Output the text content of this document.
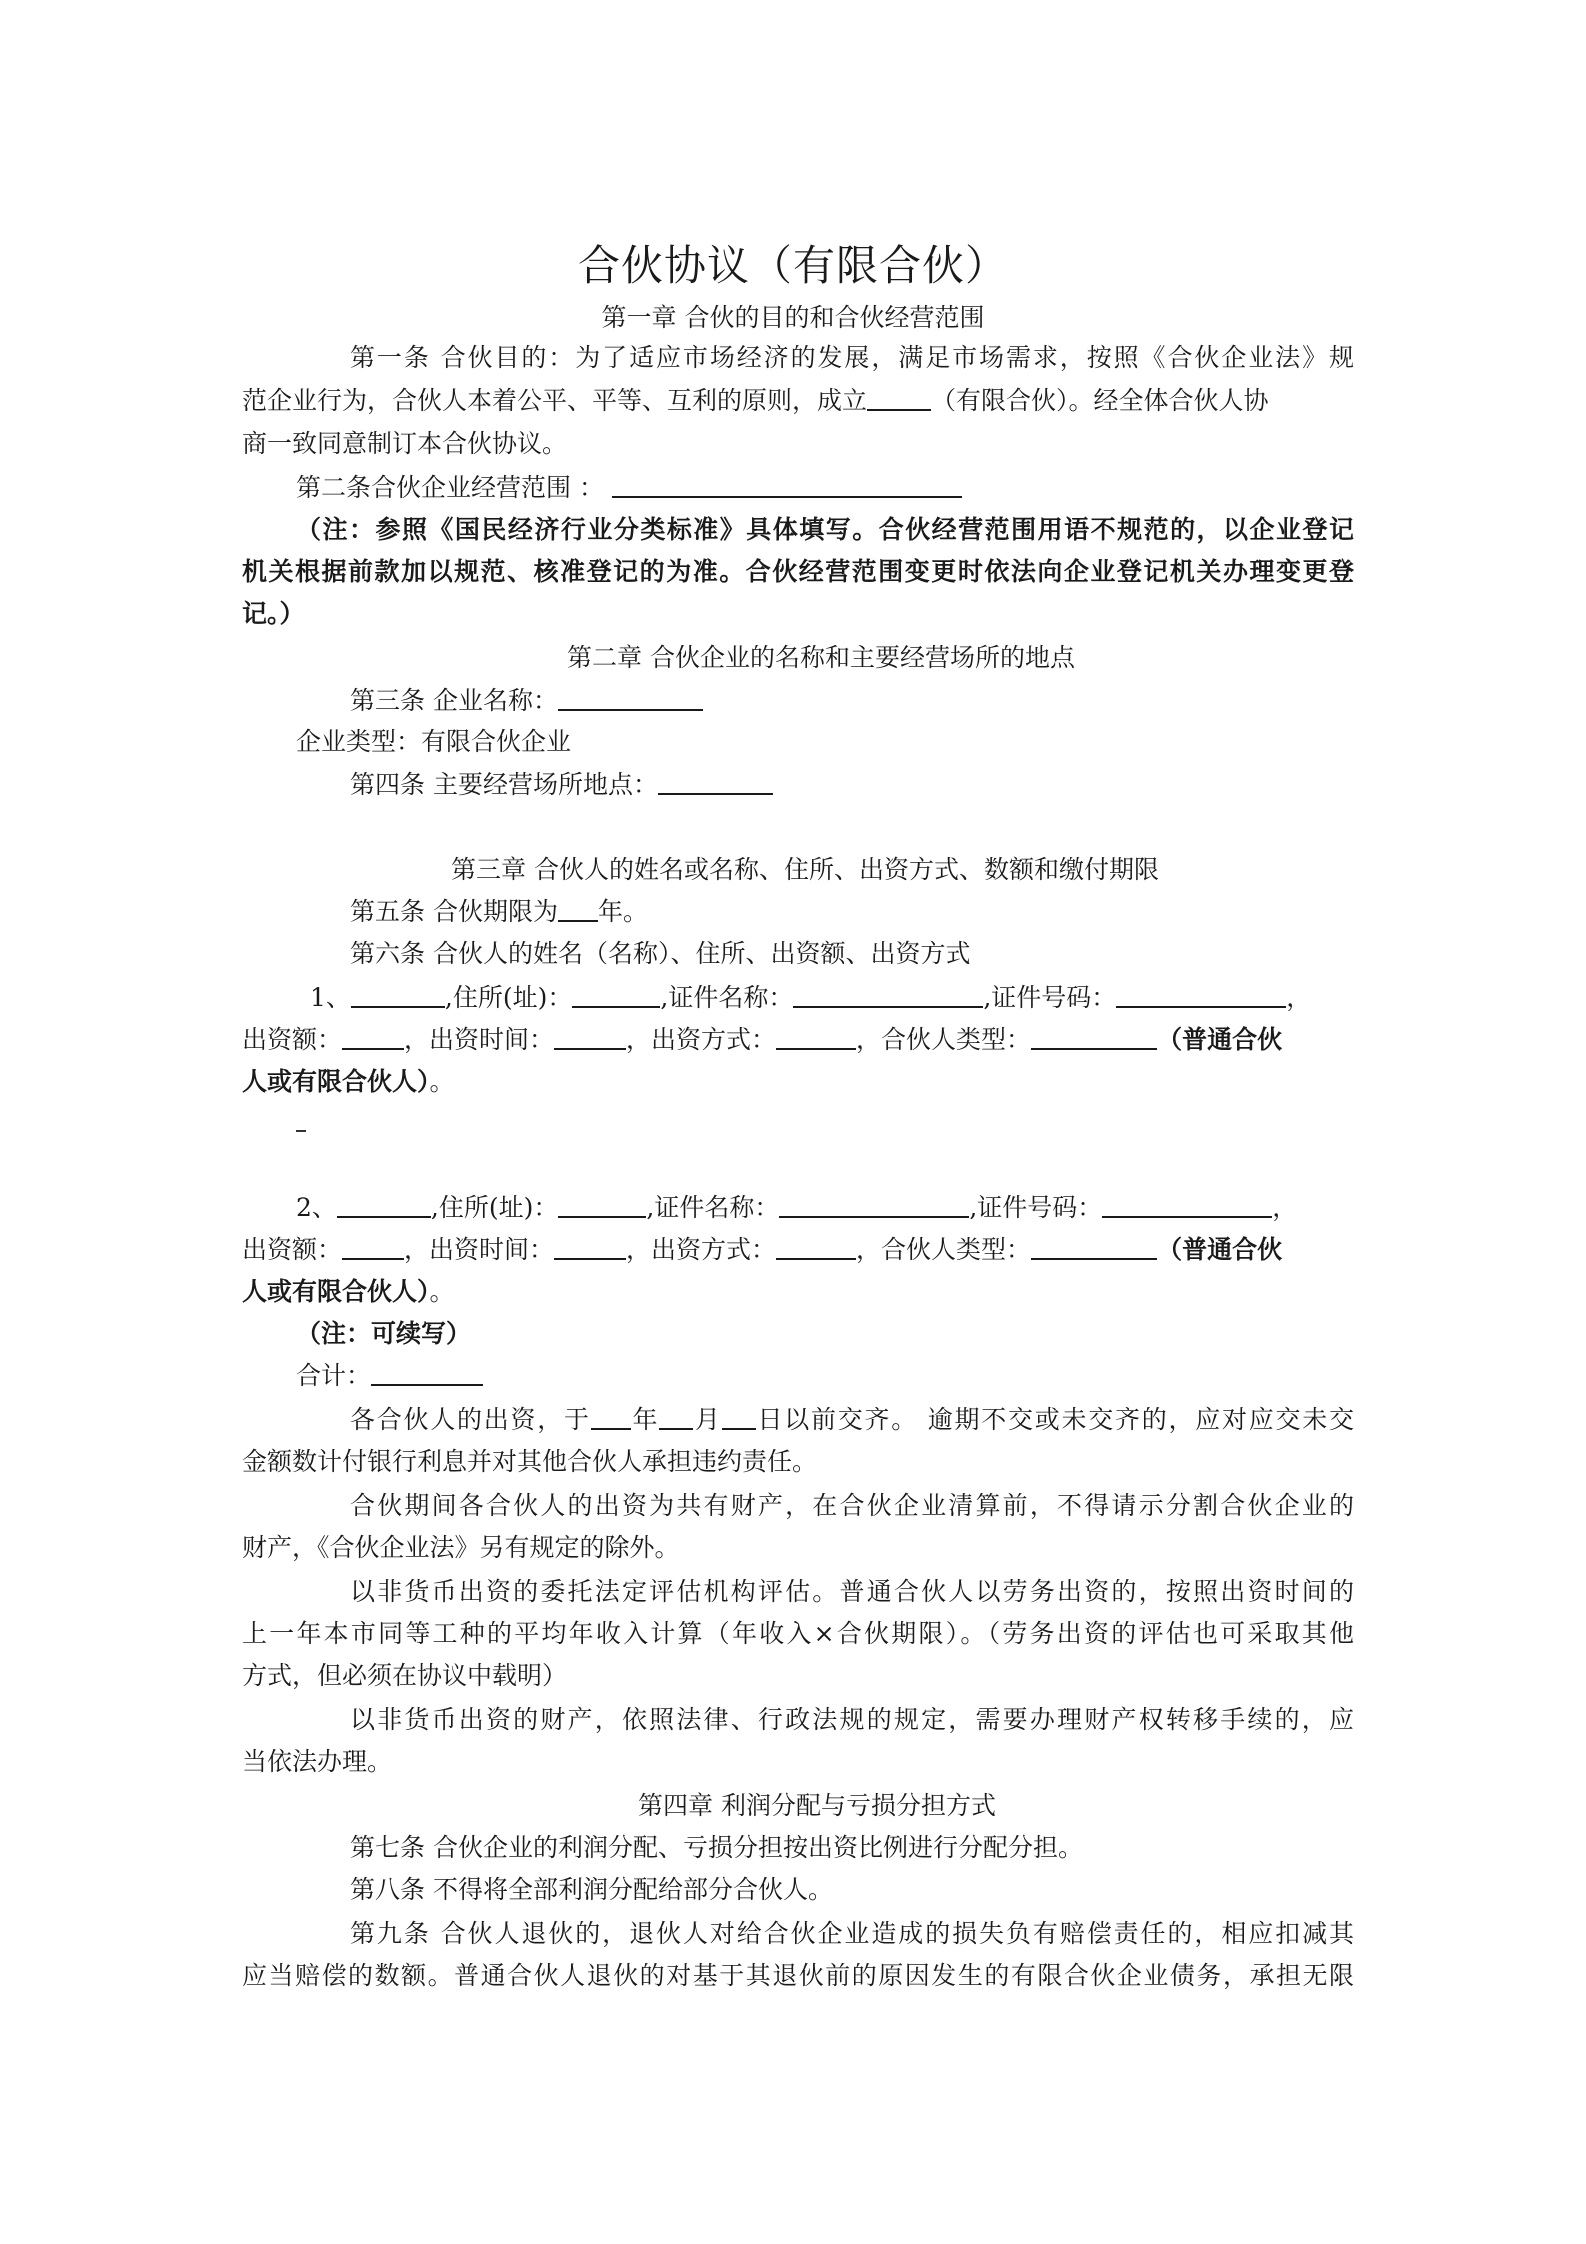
合伙协议（有限合伙）
第一章 合伙的目的和合伙经营范围
第一条 合伙目的：为了适应市场经济的发展，满足市场需求，按照《合伙企业法》规
范企业行为，合伙人本着公平、平等、互利的原则，成立	（有限合伙）。经全体合伙人协
商一致同意制订本合伙协议。
第二条合伙企业经营范围 ：
（注：参照《国民经济行业分类标准》具体填写。合伙经营范围用语不规范的，以企业登记
机关根据前款加以规范、核准登记的为准。合伙经营范围变更时依法向企业登记机关办理变更登
记。）
第二章 合伙企业的名称和主要经营场所的地点
第三条 企业名称：
企业类型：有限合伙企业
第四条 主要经营场所地点：
第三章 合伙人的姓名或名称、住所、出资方式、数额和缴付期限
第五条 合伙期限为 年。
第六条 合伙人的姓名（名称）、住所、出资额、出资方式
1、	,住所(址)：	,证件名称：	,证件号码：	，
出资额： ，出资时间：	，出资方式：	，合伙人类型：	（普通合伙
人或有限合伙人）。
2、	,住所(址)：	,证件名称：	,证件号码：	，
出资额： ，出资时间：	，出资方式：	，合伙人类型：	（普通合伙
人或有限合伙人）。
（注：可续写）
合计：
各合伙人的出资，于 年 月 日以前交齐。 逾期不交或未交齐的，应对应交未交
金额数计付银行利息并对其他合伙人承担违约责任。
合伙期间各合伙人的出资为共有财产，在合伙企业清算前，不得请示分割合伙企业的
财产，《合伙企业法》另有规定的除外。
以非货币出资的委托法定评估机构评估。普通合伙人以劳务出资的，按照出资时间的
上一年本市同等工种的平均年收入计算（年收入×合伙期限）。（劳务出资的评估也可采取其他
方式，但必须在协议中载明）
以非货币出资的财产，依照法律、行政法规的规定，需要办理财产权转移手续的，应
当依法办理。
第四章 利润分配与亏损分担方式
第七条 合伙企业的利润分配、亏损分担按出资比例进行分配分担。
第八条 不得将全部利润分配给部分合伙人。
第九条 合伙人退伙的，退伙人对给合伙企业造成的损失负有赔偿责任的，相应扣减其
应当赔偿的数额。普通合伙人退伙的对基于其退伙前的原因发生的有限合伙企业债务，承担无限
